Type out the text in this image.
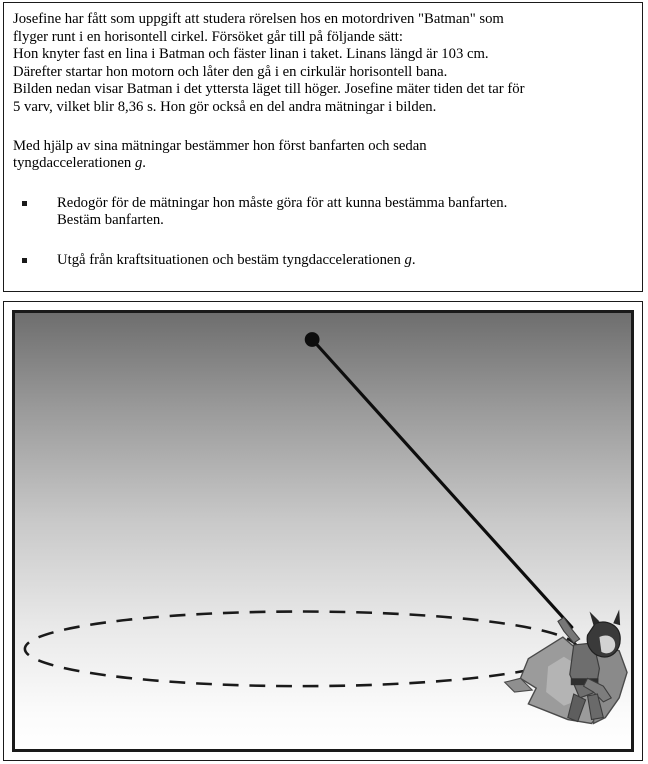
Josefine har fått som uppgift att studera rörelsen hos en motordriven "Batman" som
flyger runt i en horisontell cirkel. Försöket går till på följande sätt:
Hon knyter fast en lina i Batman och fäster linan i taket. Linans längd är 103 cm.
Därefter startar hon motorn och låter den gå i en cirkulär horisontell bana.
Bilden nedan visar Batman i det yttersta läget till höger. Josefine mäter tiden det tar för
5 varv, vilket blir 8,36 s. Hon gör också en del andra mätningar i bilden.

Med hjälp av sina mätningar bestämmer hon först banfarten och sedan
tyngdaccelerationen g.

Redogör för de mätningar hon måste göra för att kunna bestämma banfarten.
Bestäm banfarten.
Utgå från kraftsituationen och bestäm tyngdaccelerationen g.
